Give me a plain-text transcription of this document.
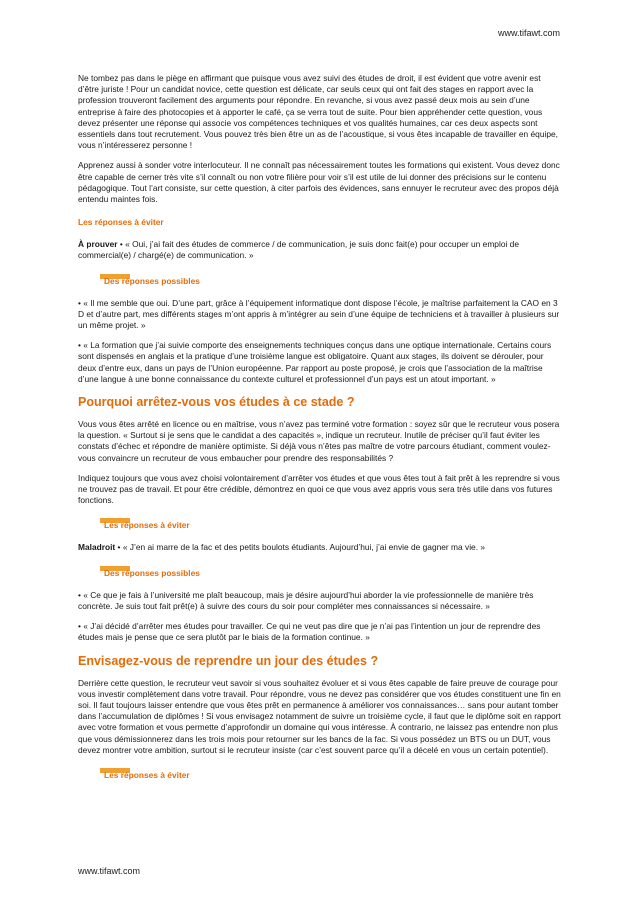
www.tifawt.com

Ne tombez pas dans le piège en affirmant que puisque vous avez suivi des études de droit, il est évident que votre avenir est d’être juriste ! Pour un candidat novice, cette question est délicate, car seuls ceux qui ont fait des stages en rapport avec la profession trouveront facilement des arguments pour répondre. En revanche, si vous avez passé deux mois au sein d’une entreprise à faire des photocopies et à apporter le café, ça se verra tout de suite. Pour bien appréhender cette question, vous devez présenter une réponse qui associe vos compétences techniques et vos qualités humaines, car ces deux aspects sont essentiels dans tout recrutement. Vous pouvez très bien être un as de l’acoustique, si vous êtes incapable de travailler en équipe, vous n’intéresserez personne !

Apprenez aussi à sonder votre interlocuteur. Il ne connaît pas nécessairement toutes les formations qui existent. Vous devez donc être capable de cerner très vite s’il connaît ou non votre filière pour voir s’il est utile de lui donner des précisions sur le contenu pédagogique. Tout l’art consiste, sur cette question, à citer parfois des évidences, sans ennuyer le recruteur avec des propos déjà entendu maintes fois.

Les réponses à éviter

À prouver • « Oui, j’ai fait des études de commerce / de communication, je suis donc fait(e) pour occuper un emploi de commercial(e) / chargé(e) de communication. »

Des réponses possibles

• « Il me semble que oui. D’une part, grâce à l’équipement informatique dont dispose l’école, je maîtrise parfaitement la CAO en 3 D et d’autre part, mes différents stages m’ont appris à m’intégrer au sein d’une équipe de techniciens et à travailler à plusieurs sur un même projet. »

• « La formation que j’ai suivie comporte des enseignements techniques conçus dans une optique internationale. Certains cours sont dispensés en anglais et la pratique d’une troisième langue est obligatoire. Quant aux stages, ils doivent se dérouler, pour deux d’entre eux, dans un pays de l’Union européenne. Par rapport au poste proposé, je crois que l’association de la maîtrise d’une langue à une bonne connaissance du contexte culturel et professionnel d’un pays est un atout important. »

Pourquoi arrêtez-vous vos études à ce stade ?

Vous vous êtes arrêté en licence ou en maîtrise, vous n’avez pas terminé votre formation : soyez sûr que le recruteur vous posera la question. « Surtout si je sens que le candidat a des capacités », indique un recruteur. Inutile de préciser qu’il faut éviter les constats d’échec et répondre de manière optimiste. Si déjà vous n’êtes pas maître de votre parcours étudiant, comment voulez-vous convaincre un recruteur de vous embaucher pour prendre des responsabilités ?

Indiquez toujours que vous avez choisi volontairement d’arrêter vos études et que vous êtes tout à fait prêt à les reprendre si vous ne trouvez pas de travail. Et pour être crédible, démontrez en quoi ce que vous avez appris vous sera très utile dans vos futures fonctions.

Les réponses à éviter

Maladroit • « J’en ai marre de la fac et des petits boulots étudiants. Aujourd’hui, j’ai envie de gagner ma vie. »

Des réponses possibles

• « Ce que je fais à l’université me plaît beaucoup, mais je désire aujourd’hui aborder la vie professionnelle de manière très concrète. Je suis tout fait prêt(e) à suivre des cours du soir pour compléter mes connaissances si nécessaire. »

• « J’ai décidé d’arrêter mes études pour travailler. Ce qui ne veut pas dire que je n’ai pas l’intention un jour de reprendre des études mais je pense que ce sera plutôt par le biais de la formation continue. »

Envisagez-vous de reprendre un jour des études ?

Derrière cette question, le recruteur veut savoir si vous souhaitez évoluer et si vous êtes capable de faire preuve de courage pour vous investir complètement dans votre travail. Pour répondre, vous ne devez pas considérer que vos études constituent une fin en soi. Il faut toujours laisser entendre que vous êtes prêt en permanence à améliorer vos connaissances… sans pour autant tomber dans l’accumulation de diplômes ! Si vous envisagez notamment de suivre un troisième cycle, il faut que le diplôme soit en rapport avec votre formation et vous permette d’approfondir un domaine qui vous intéresse. À contrario, ne laissez pas entendre non plus que vous démissionnerez dans les trois mois pour retourner sur les bancs de la fac. Si vous possédez un BTS ou un DUT, vous devez montrer votre ambition, surtout si le recruteur insiste (car c’est souvent parce qu’il a décelé en vous un certain potentiel).

Les réponses à éviter
www.tifawt.com
